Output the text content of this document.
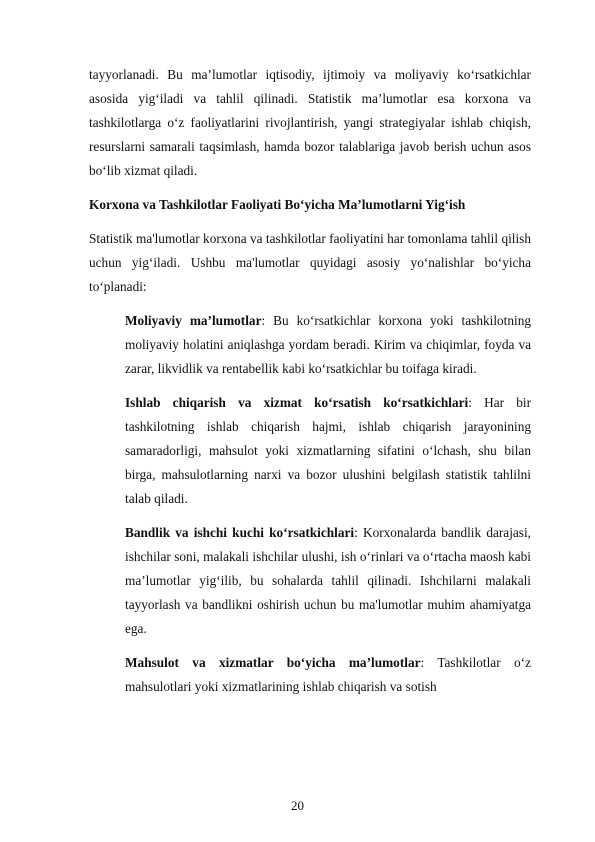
tayyorlanadi. Bu ma’lumotlar iqtisodiy, ijtimoiy va moliyaviy ko‘rsatkichlar asosida yig‘iladi va tahlil qilinadi. Statistik ma’lumotlar esa korxona va tashkilotlarga o‘z faoliyatlarini rivojlantirish, yangi strategiyalar ishlab chiqish, resurslarni samarali taqsimlash, hamda bozor talablariga javob berish uchun asos bo‘lib xizmat qiladi.

Korxona va Tashkilotlar Faoliyati Bo‘yicha Ma’lumotlarni Yig‘ish

Statistik ma'lumotlar korxona va tashkilotlar faoliyatini har tomonlama tahlil qilish uchun yig‘iladi. Ushbu ma'lumotlar quyidagi asosiy yo‘nalishlar bo‘yicha to‘planadi:

Moliyaviy ma’lumotlar: Bu ko‘rsatkichlar korxona yoki tashkilotning moliyaviy holatini aniqlashga yordam beradi. Kirim va chiqimlar, foyda va zarar, likvidlik va rentabellik kabi ko‘rsatkichlar bu toifaga kiradi.

Ishlab chiqarish va xizmat ko‘rsatish ko‘rsatkichlari: Har bir tashkilotning ishlab chiqarish hajmi, ishlab chiqarish jarayonining samaradorligi, mahsulot yoki xizmatlarning sifatini o‘lchash, shu bilan birga, mahsulotlarning narxi va bozor ulushini belgilash statistik tahlilni talab qiladi.

Bandlik va ishchi kuchi ko‘rsatkichlari: Korxonalarda bandlik darajasi, ishchilar soni, malakali ishchilar ulushi, ish o‘rinlari va o‘rtacha maosh kabi ma’lumotlar yig‘ilib, bu sohalarda tahlil qilinadi. Ishchilarni malakali tayyorlash va bandlikni oshirish uchun bu ma'lumotlar muhim ahamiyatga ega.

Mahsulot va xizmatlar bo‘yicha ma’lumotlar: Tashkilotlar o‘z mahsulotlari yoki xizmatlarining ishlab chiqarish va sotish

20
